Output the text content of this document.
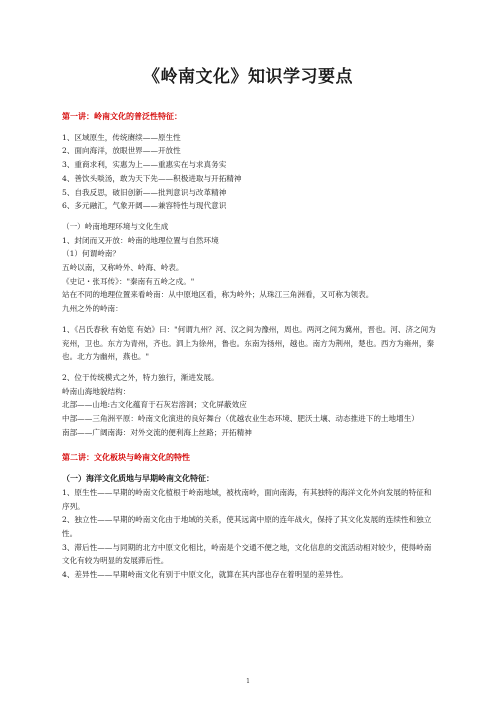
《岭南文化》知识学习要点
第一讲：岭南文化的普泛性特征：
1、区域原生，传统赓续——原生性
2、面向海洋，放眼世界——开放性
3、重商求利，实惠为上——重惠实在与求真务实
4、善饮头啖汤，敢为天下先——积极进取与开拓精神
5、自我反思，破旧创新——批判意识与改革精神
6、多元融汇，气象开阔——兼容特性与现代意识
（一）岭南地理环境与文化生成
1、封闭而又开放：岭南的地理位置与自然环境
（1）何谓岭南？
五岭以南，又称岭外、岭海、岭表。
《史记・张耳传》："秦南有五岭之戍。"
站在不同的地理位置来看岭南：从中原地区看，称为岭外；从珠江三角洲看，又可称为领表。
九州之外的岭南：
1、《吕氏春秋 有始览 有始》曰："何谓九州？河、汉之间为豫州，周也。两河之间为冀州，晋也。河、济之间为兖州，卫也。东方为青州，齐也。泗上为徐州，鲁也。东南为扬州，越也。南方为荆州，楚也。西方为雍州，秦也。北方为幽州，燕也。"
2、位于传统模式之外，特力独行，渐进发展。
岭南山海地貌结构：
北部——山地:古文化蕴育于石灰岩溶洞；文化屏蔽效应
中部——三角洲平原：岭南文化演进的良好舞台（优越农业生态环境、肥沃土壤、动态推进下的土地增生）
南部——广阔南海：对外交流的便利海上丝路；开拓精神
第二讲：文化板块与岭南文化的特性
（一）海洋文化质地与早期岭南文化特征：
1、原生性——早期的岭南文化植根于岭南地域，被枕南岭，面向南海，有其独特的海洋文化外向发展的特征和序列。
2、独立性——早期的岭南文化由于地域的关系，使其远离中原的连年战火，保持了其文化发展的连续性和独立性。
3、滞后性——与同期的北方中原文化相比，岭南是个交通不便之地，文化信息的交流活动相对较少，使得岭南文化有较为明显的发展滞后性。
4、差异性——早期岭南文化有别于中原文化，就算在其内部也存在着明显的差异性。
1
